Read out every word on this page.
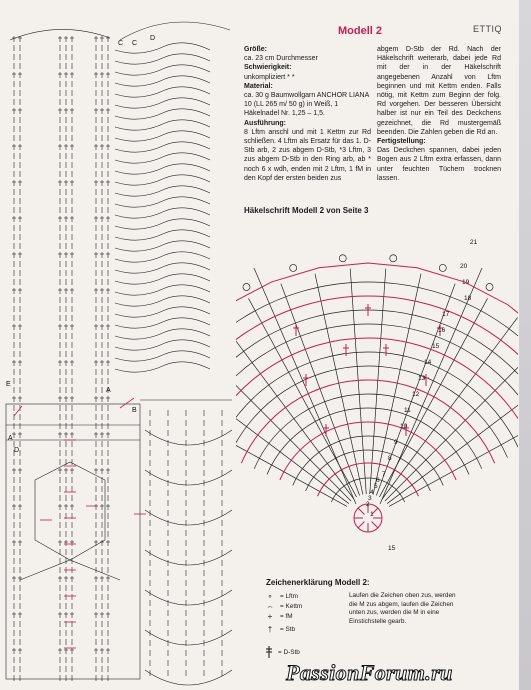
C C
D
E
A
B
A
D
ETTIQ
Modell 2

Größe:

ca. 23 cm Durchmesser

Schwierigkeit:

unkompliziert * *

Material:

ca. 30 g Baumwollgarn ANCHOR LIANA 10 (LL 265 m/ 50 g) in Weiß, 1 Häkelnadel Nr. 1,25 – 1,5.

Ausführung:

8 Lftm anschl und mit 1 Kettm zur Rd schließen. 4 Lftm als Ersatz für das 1. D-Stb arb, 2 zus abgem D-Stb, *3 Lftm, 3 zus abgem D-Stb in den Ring arb, ab * noch 6 x wdh, enden mit 2 Lftm, 1 fM in den Kopf der ersten beiden zus

abgem D-Stb der Rd. Nach der Häkelschrift weiterarb, dabei jede Rd mit der in der Häkelschrift angegebenen Anzahl von Lftm beginnen und mit Kettm enden. Falls nötig, mit Kettm zum Beginn der folg. Rd vorgehen. Der besseren Übersicht halber ist nur ein Teil des Deckchens gezeichnet, die Rd mustergemäß beenden. Die Zahlen geben die Rd an.

Fertigstellung:

Das Deckchen spannen, dabei jeden Bogen aus 2 Lftm extra erfassen, dann unter feuchten Tüchern trocknen lassen.

Häkelschrift Modell 2 von Seite 3
21
20
19
18
17
16
15
14
13
12
11
10
9
8
7
6
5
4
3
2
1
15
Zeichenerklärung Modell 2:
∘	= Lftm
⌢	= Kettm
+	= fM
†	= Stb
= D-Stb
Laufen die Zeichen oben zus, werden die M zus abgem, laufen die Zeichen unten zus, werden die M in eine Einstichstelle gearb.
PassionForum.ru
